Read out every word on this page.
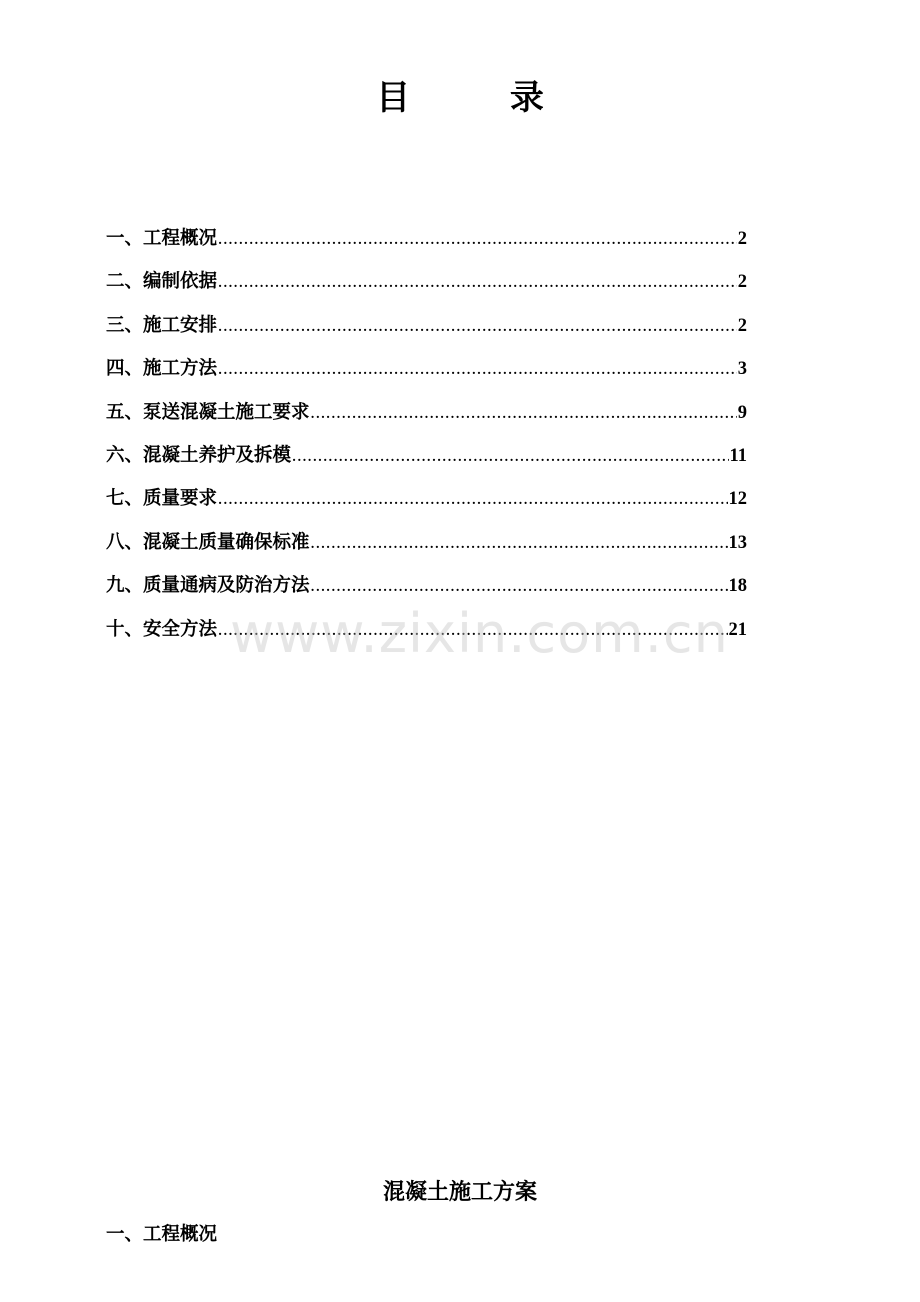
目 录
一、工程概况 .....	2
二、编制依据 .....	2
三、施工安排 .....	2
四、施工方法 .....	3
五、泵送混凝土施工要求 .....	9
六、混凝土养护及拆模 .....	11
七、质量要求 .....	12
八、混凝土质量确保标准 .....	13
九、质量通病及防治方法 .....	18
十、安全方法 .....	21
www.zixin.com.cn
混凝土施工方案
一、工程概况
